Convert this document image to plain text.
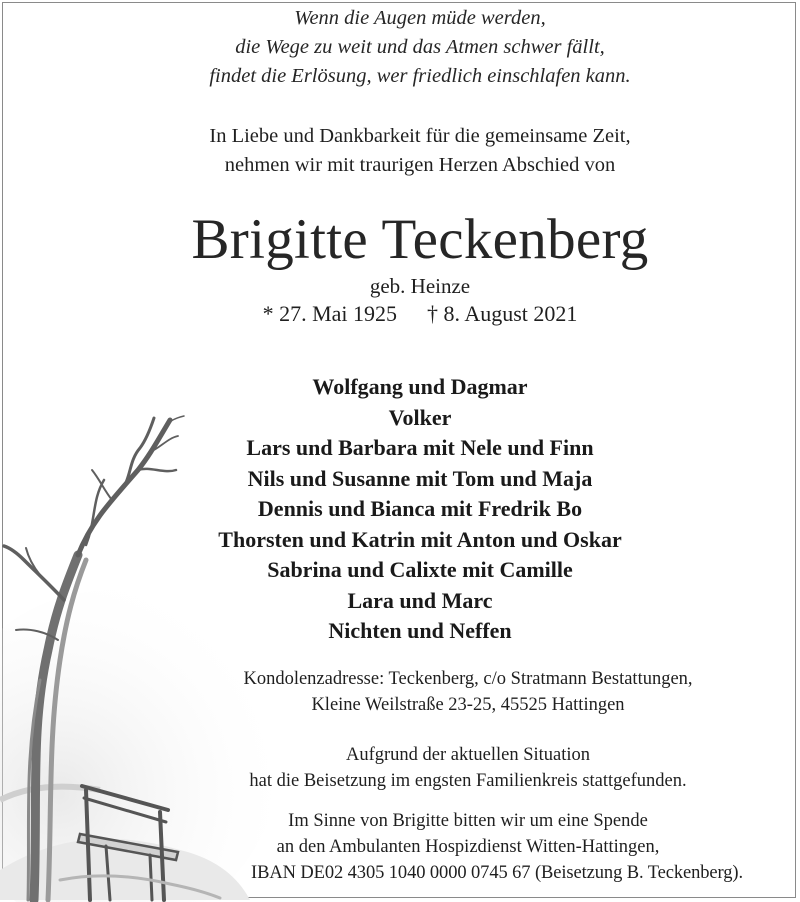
Wenn die Augen müde werden,
die Wege zu weit und das Atmen schwer fällt,
findet die Erlösung, wer friedlich einschlafen kann.
In Liebe und Dankbarkeit für die gemeinsame Zeit,
nehmen wir mit traurigen Herzen Abschied von
Brigitte Teckenberg
geb. Heinze
* 27. Mai 1925 † 8. August 2021
Wolfgang und Dagmar
Volker
Lars und Barbara mit Nele und Finn
Nils und Susanne mit Tom und Maja
Dennis und Bianca mit Fredrik Bo
Thorsten und Katrin mit Anton und Oskar
Sabrina und Calixte mit Camille
Lara und Marc
Nichten und Neffen
Kondolenzadresse: Teckenberg, c/o Stratmann Bestattungen,
Kleine Weilstraße 23-25, 45525 Hattingen
Aufgrund der aktuellen Situation
hat die Beisetzung im engsten Familienkreis stattgefunden.
Im Sinne von Brigitte bitten wir um eine Spende
an den Ambulanten Hospizdienst Witten-Hattingen,
IBAN DE02 4305 1040 0000 0745 67 (Beisetzung B. Teckenberg).
